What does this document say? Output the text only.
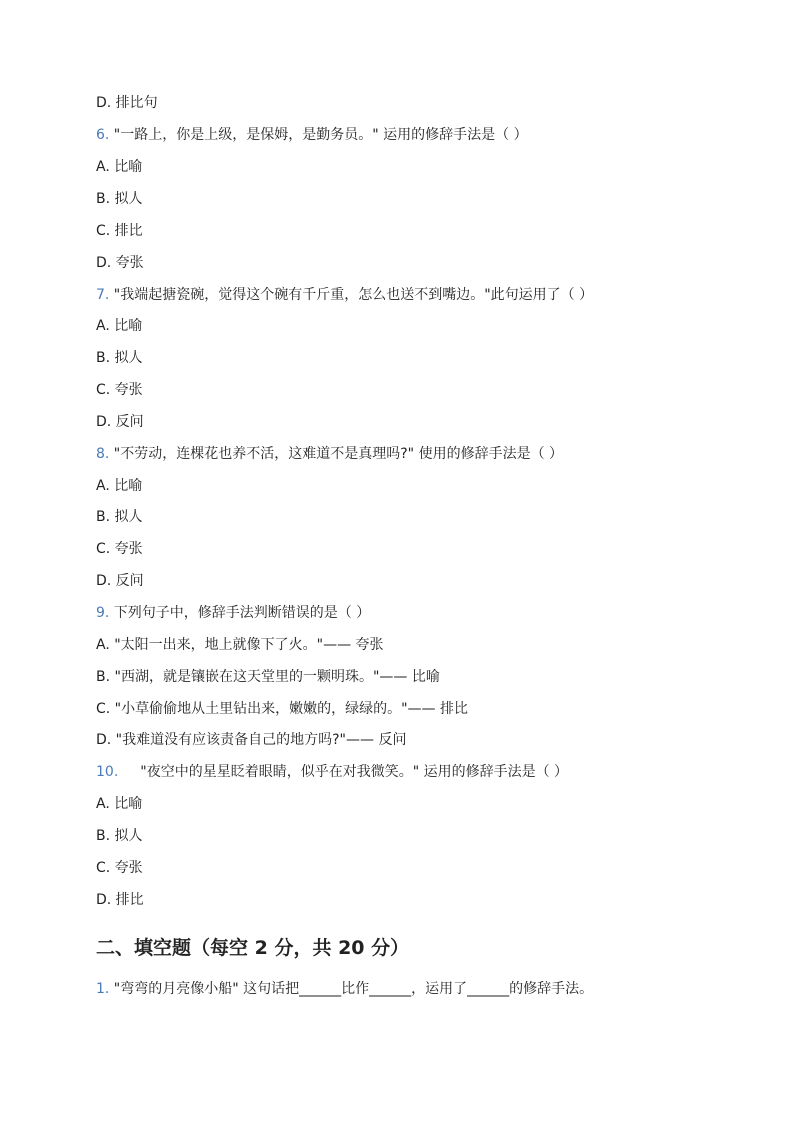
D. 排比句
6. "一路上，你是上级，是保姆，是勤务员。" 运用的修辞手法是（ ）
A. 比喻
B. 拟人
C. 排比
D. 夸张
7. "我端起搪瓷碗，觉得这个碗有千斤重，怎么也送不到嘴边。"此句运用了（ ）
A. 比喻
B. 拟人
C. 夸张
D. 反问
8. "不劳动，连棵花也养不活，这难道不是真理吗?" 使用的修辞手法是（ ）
A. 比喻
B. 拟人
C. 夸张
D. 反问
9. 下列句子中，修辞手法判断错误的是（ ）
A. "太阳一出来，地上就像下了火。"—— 夸张
B. "西湖，就是镶嵌在这天堂里的一颗明珠。"—— 比喻
C. "小草偷偷地从土里钻出来，嫩嫩的，绿绿的。"—— 排比
D. "我难道没有应该责备自己的地方吗?"—— 反问
10. "夜空中的星星眨着眼睛，似乎在对我微笑。" 运用的修辞手法是（ ）
A. 比喻
B. 拟人
C. 夸张
D. 排比
二、填空题（每空 2 分，共 20 分）
1. "弯弯的月亮像小船" 这句话把______比作______，运用了______的修辞手法。
